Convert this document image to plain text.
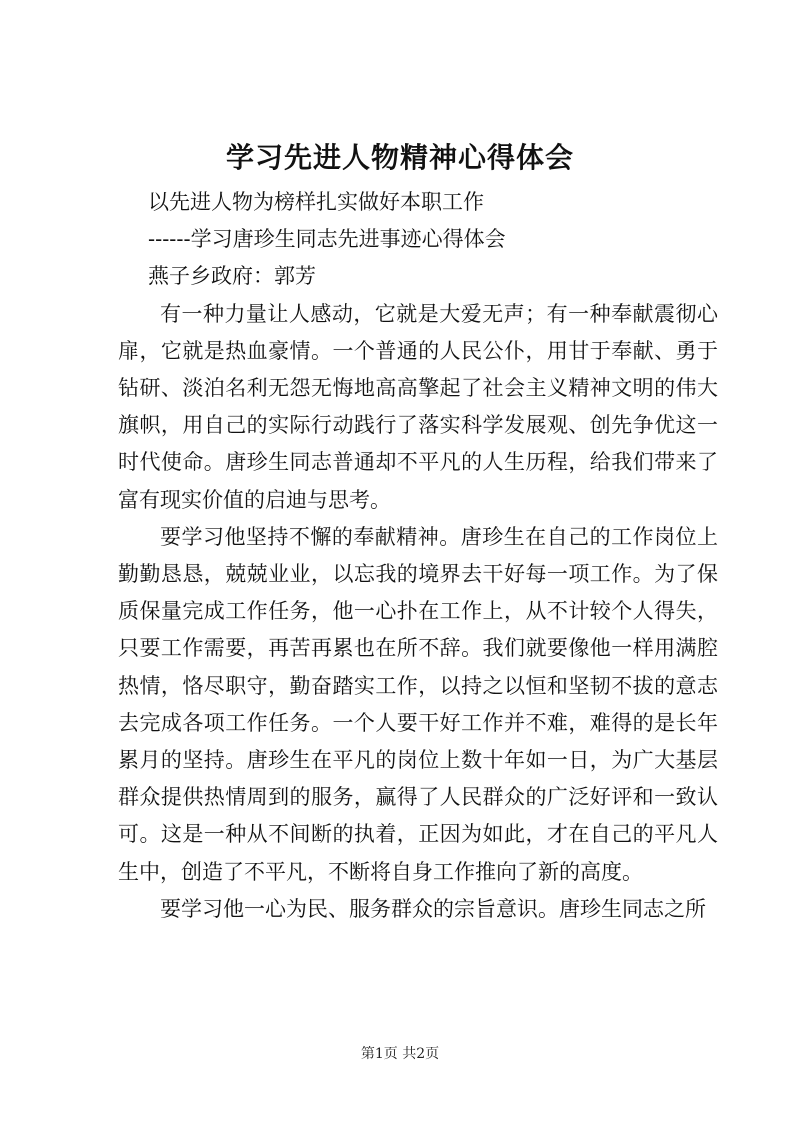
学习先进人物精神心得体会

以先进人物为榜样扎实做好本职工作

------学习唐珍生同志先进事迹心得体会

燕子乡政府：郭芳

有一种力量让人感动，它就是大爱无声；有一种奉献震彻心扉，它就是热血豪情。一个普通的人民公仆，用甘于奉献、勇于钻研、淡泊名利无怨无悔地高高擎起了社会主义精神文明的伟大旗帜，用自己的实际行动践行了落实科学发展观、创先争优这一时代使命。唐珍生同志普通却不平凡的人生历程，给我们带来了富有现实价值的启迪与思考。

要学习他坚持不懈的奉献精神。唐珍生在自己的工作岗位上勤勤恳恳，兢兢业业，以忘我的境界去干好每一项工作。为了保质保量完成工作任务，他一心扑在工作上，从不计较个人得失，只要工作需要，再苦再累也在所不辞。我们就要像他一样用满腔热情，恪尽职守，勤奋踏实工作，以持之以恒和坚韧不拔的意志去完成各项工作任务。一个人要干好工作并不难，难得的是长年累月的坚持。唐珍生在平凡的岗位上数十年如一日，为广大基层群众提供热情周到的服务，赢得了人民群众的广泛好评和一致认可。这是一种从不间断的执着，正因为如此，才在自己的平凡人生中，创造了不平凡，不断将自身工作推向了新的高度。

要学习他一心为民、服务群众的宗旨意识。唐珍生同志之所

第1页 共2页
